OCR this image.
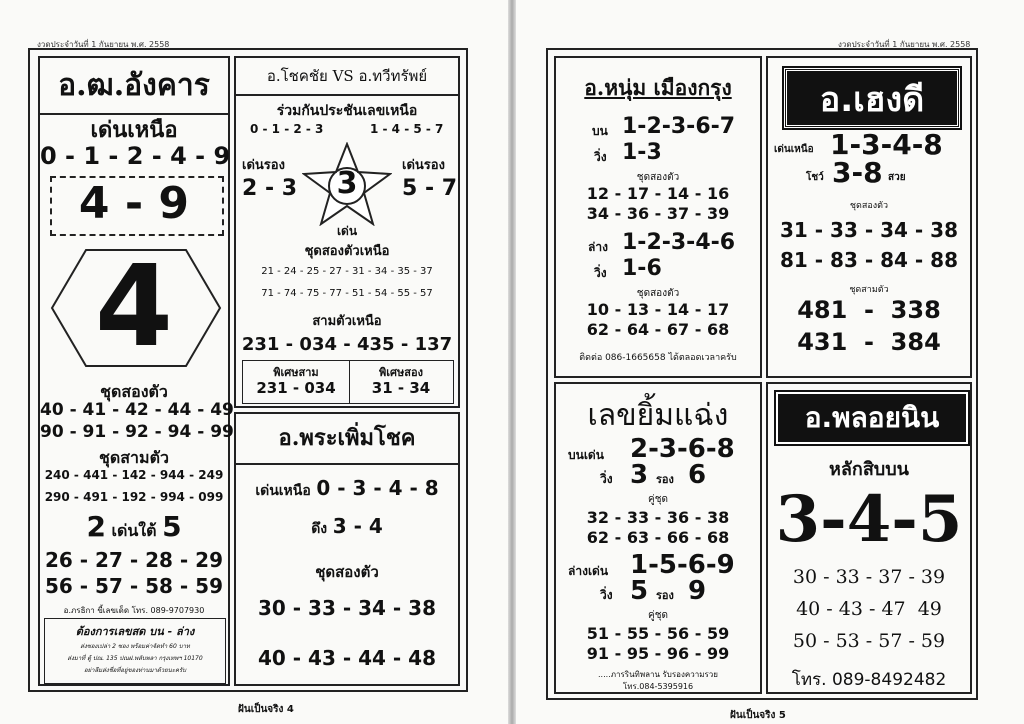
งวดประจำวันที่ 1 กันยายน พ.ศ. 2558	งวดประจำวันที่ 1 กันยายน พ.ศ. 2558
อ.ฒ.อังคาร
เด่นเหนือ
0 - 1 - 2 - 4 - 9
4 - 9
4
ชุดสองตัว
40 - 41 - 42 - 44 - 49
90 - 91 - 92 - 94 - 99
ชุดสามตัว
240 - 441 - 142 - 944 - 249
290 - 491 - 192 - 994 - 099
2 เด่นใต้ 5
26 - 27 - 28 - 29
56 - 57 - 58 - 59
อ.ภรธิกา ขี้เลขเด็ด โทร. 089-9707930
ต้องการเลขสด บน - ล่าง
ส่งซองเปล่า 2 ซอง พร้อมค่าจัดทำ 60 บาท
ส่งมาที่ ตู้ ปณ. 135 ปณฝ.พลับพลา กรุงเทพฯ 10170
อย่าลืมส่งชื่อที่อยู่ของท่านมาด้วยนะครับ
อ.โชคชัย VS อ.ทวีทรัพย์
ร่วมกันประชันเลขเหนือ
0 - 1 - 2 - 3	1 - 4 - 5 - 7
เด่นรอง	เด่นรอง
2 - 3	5 - 7
3
เด่น
ชุดสองตัวเหนือ
21 - 24 - 25 - 27 - 31 - 34 - 35 - 37
71 - 74 - 75 - 77 - 51 - 54 - 55 - 57
สามตัวเหนือ
231 - 034 - 435 - 137
พิเศษสาม
231 - 034
พิเศษสอง
31 - 34
อ.พระเพิ่มโชค
เด่นเหนือ 0 - 3 - 4 - 8
ดึง 3 - 4
ชุดสองตัว
30 - 33 - 34 - 38
40 - 43 - 44 - 48
ฝันเป็นจริง 4
อ.หนุ่ม เมืองกรุง
บน 1-2-3-6-7
วิ่ง 1-3
ชุดสองตัว
12 - 17 - 14 - 16
34 - 36 - 37 - 39
ล่าง 1-2-3-4-6
วิ่ง 1-6
ชุดสองตัว
10 - 13 - 14 - 17
62 - 64 - 67 - 68
ติดต่อ 086-1665658 ได้ตลอดเวลาครับ
อ.เฮงดี
เด่นเหนือ 1-3-4-8
โชว์ 3-8 สวย
ชุดสองตัว
31 - 33 - 34 - 38
81 - 83 - 84 - 88
ชุดสามตัว
481  -  338
431  -  384
เลขยิ้มแฉ่ง
บนเด่น 2-3-6-8
วิ่ง 3 รอง 6
คู่ชุด
32 - 33 - 36 - 38
62 - 63 - 66 - 68
ล่างเด่น 1-5-6-9
วิ่ง 5 รอง 9
คู่ชุด
51 - 55 - 56 - 59
91 - 95 - 96 - 99
.....ภารรินทิพลาน รับรองความรวย
โทร.084-5395916
อ.พลอยนิน
หลักสิบบน
3-4-5
30 - 33 - 37 - 39
40 - 43 - 47  49
50 - 53 - 57 - 59
โทร. 089-8492482
ฝันเป็นจริง 5
